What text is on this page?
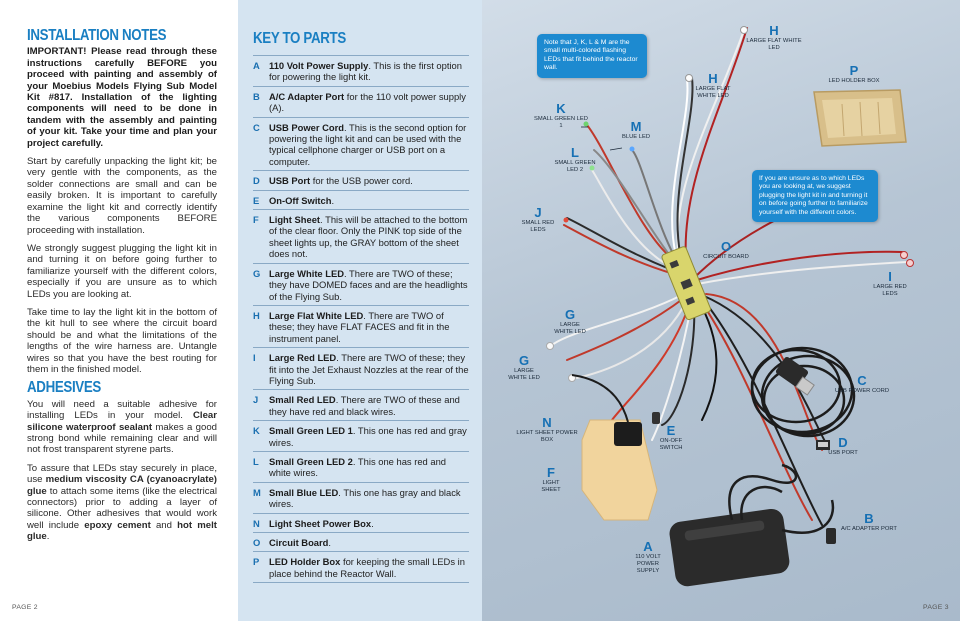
INSTALLATION NOTES

IMPORTANT! Please read through these instructions carefully BEFORE you proceed with painting and assembly of your Moebius Models Flying Sub Model Kit #817. Installation of the lighting components will need to be done in tandem with the assembly and painting of your kit. Take your time and plan your project carefully.

Start by carefully unpacking the light kit; be very gentle with the components, as the solder connections are small and can be easily broken. It is important to carefully examine the light kit and correctly identify the various components BEFORE proceeding with installation.

We strongly suggest plugging the light kit in and turning it on before going further to familiarize yourself with the different colors, especially if you are unsure as to which LEDs you are looking at.

Take time to lay the light kit in the bottom of the kit hull to see where the circuit board should be and what the limitations of the lengths of the wire harness are. Untangle wires so that you have the best routing for them in the finished model.

ADHESIVES

You will need a suitable adhesive for installing LEDs in your model. Clear silicone waterproof sealant makes a good strong bond while remaining clear and will not frost transparent styrene parts.

To assure that LEDs stay securely in place, use medium viscosity CA (cyanoacrylate) glue to attach some items (like the electrical connectors) prior to adding a layer of silicone. Other adhesives that would work well include epoxy cement and hot melt glue.

PAGE 2
KEY TO PARTS
A 110 Volt Power Supply. This is the first option for powering the light kit.
B A/C Adapter Port for the 110 volt power supply (A).
C USB Power Cord. This is the second option for powering the light kit and can be used with the typical cellphone charger or USB port on a computer.
D USB Port for the USB power cord.
E	On-Off Switch.
F	Light Sheet. This will be attached to the bottom of the clear floor. Only the PINK top side of the sheet lights up, the GRAY bottom of the sheet does not.
G Large White LED. There are TWO of these; they have DOMED faces and are the headlights of the Flying Sub.
H Large Flat White LED. There are TWO of these; they have FLAT FACES and fit in the instrument panel.
I	Large Red LED. There are TWO of these; they fit into the Jet Exhaust Nozzles at the rear of the Flying Sub.
J	Small Red LED. There are TWO of these and they have red and black wires.
K Small Green LED 1. This one has red and gray wires.
L	Small Green LED 2. This one has red and white wires.
M Small Blue LED. This one has gray and black wires.
N Light Sheet Power Box.
O Circuit Board.
P	LED Holder Box for keeping the small LEDs in place behind the Reactor Wall.
Note that J, K, L & M are the small multi-colored flashing LEDs that fit behind the reactor wall.
If you are unsure as to which LEDs you are looking at, we suggest plugging the light kit in and turning it on before going further to familiarize yourself with the different colors.
H
LARGE FLAT WHITE LED
H
LARGE FLAT WHITE LED
P
LED HOLDER BOX
K
SMALL GREEN LED 1	M
BLUE LED
L
SMALL GREEN LED 2
J
SMALL RED LEDS
O
CIRCUIT BOARD
I
LARGE RED LEDS
G
LARGE WHITE LED
G
LARGE WHITE LED	C
USB POWER CORD
N
LIGHT SHEET POWER BOX
E
ON-OFF SWITCH	D
USB PORT
F
LIGHT SHEET
B
A/C ADAPTER PORT
A
110 VOLT POWER SUPPLY
PAGE 3
